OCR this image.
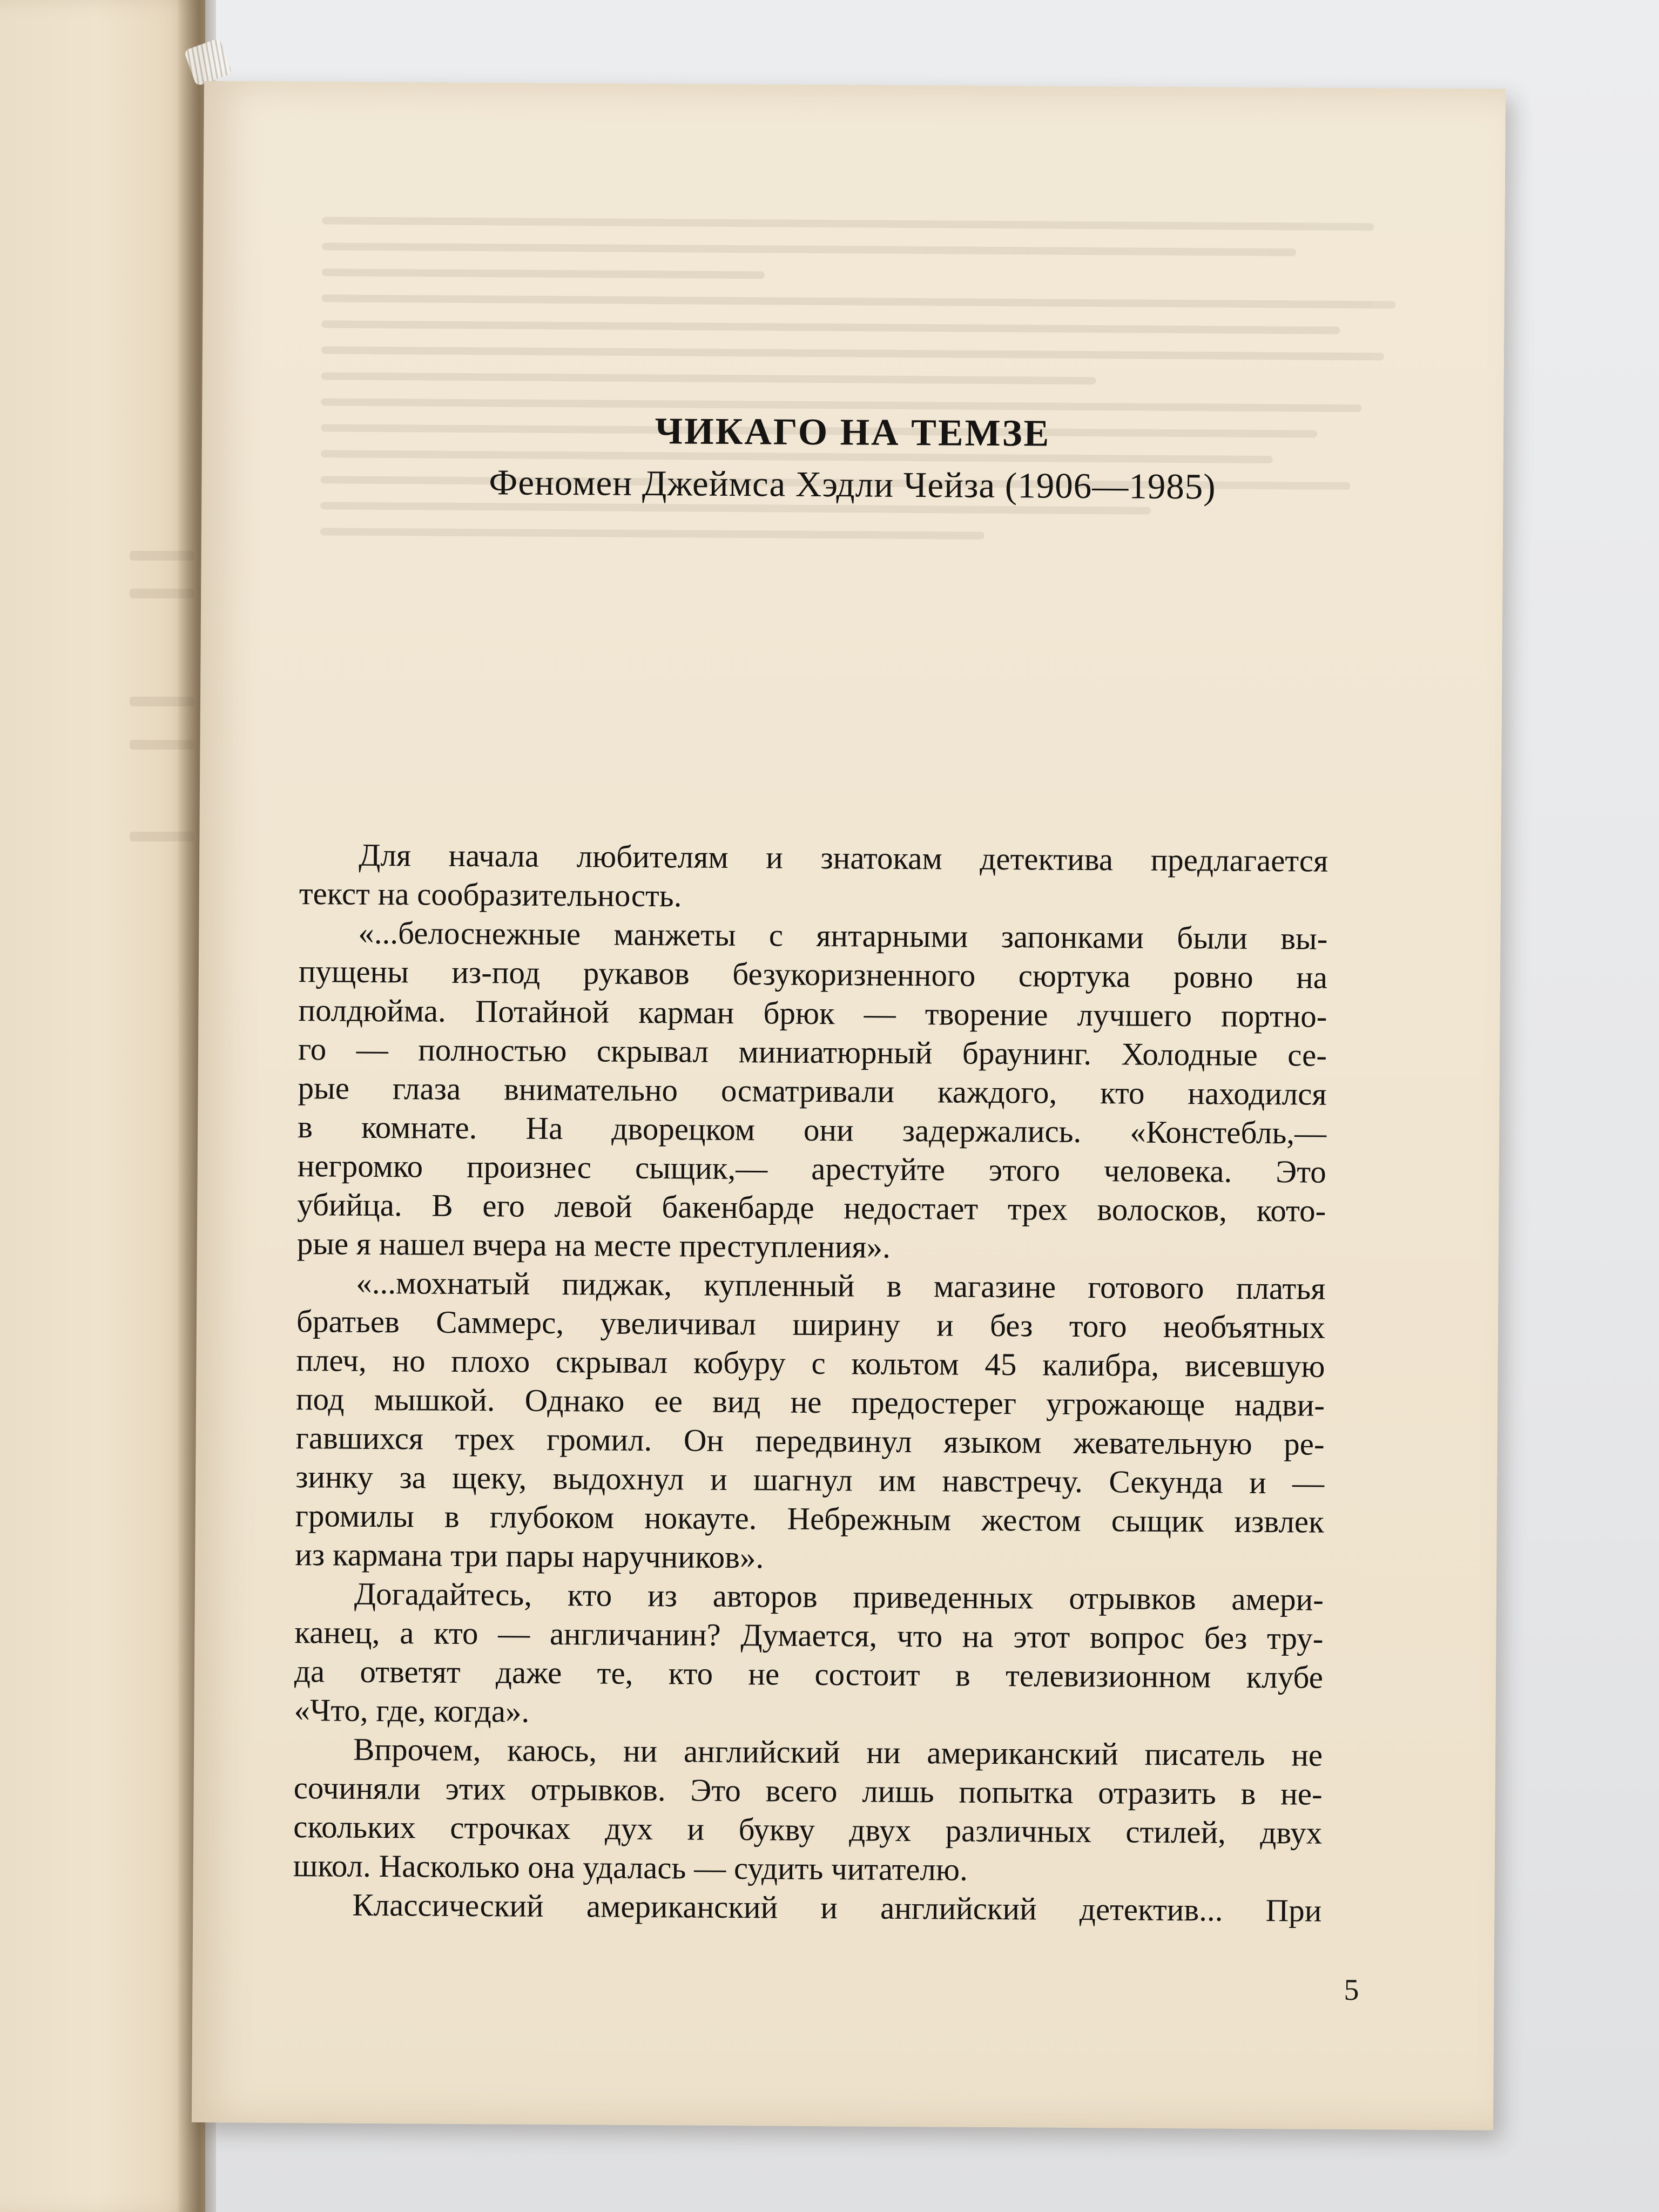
ЧИКАГО НА ТЕМЗЕ

Феномен Джеймса Хэдли Чейза (1906—1985)

Для начала любителям и знатокам детектива предлагается
текст на сообразительность.
«...белоснежные манжеты с янтарными запонками были вы-
пущены из-под рукавов безукоризненного сюртука ровно на
полдюйма. Потайной карман брюк — творение лучшего портно-
го — полностью скрывал миниатюрный браунинг. Холодные се-
рые глаза внимательно осматривали каждого, кто находился
в комнате. На дворецком они задержались. «Констебль,—
негромко произнес сыщик,— арестуйте этого человека. Это
убийца. В его левой бакенбарде недостает трех волосков, кото-
рые я нашел вчера на месте преступления».
«...мохнатый пиджак, купленный в магазине готового платья
братьев Саммерс, увеличивал ширину и без того необъятных
плеч, но плохо скрывал кобуру с кольтом 45 калибра, висевшую
под мышкой. Однако ее вид не предостерег угрожающе надви-
гавшихся трех громил. Он передвинул языком жевательную ре-
зинку за щеку, выдохнул и шагнул им навстречу. Секунда и —
громилы в глубоком нокауте. Небрежным жестом сыщик извлек
из кармана три пары наручников».
Догадайтесь, кто из авторов приведенных отрывков амери-
канец, а кто — англичанин? Думается, что на этот вопрос без тру-
да ответят даже те, кто не состоит в телевизионном клубе
«Что, где, когда».
Впрочем, каюсь, ни английский ни американский писатель не
сочиняли этих отрывков. Это всего лишь попытка отразить в не-
скольких строчках дух и букву двух различных стилей, двух
школ. Насколько она удалась — судить читателю.
Классический американский и английский детектив... При
5
